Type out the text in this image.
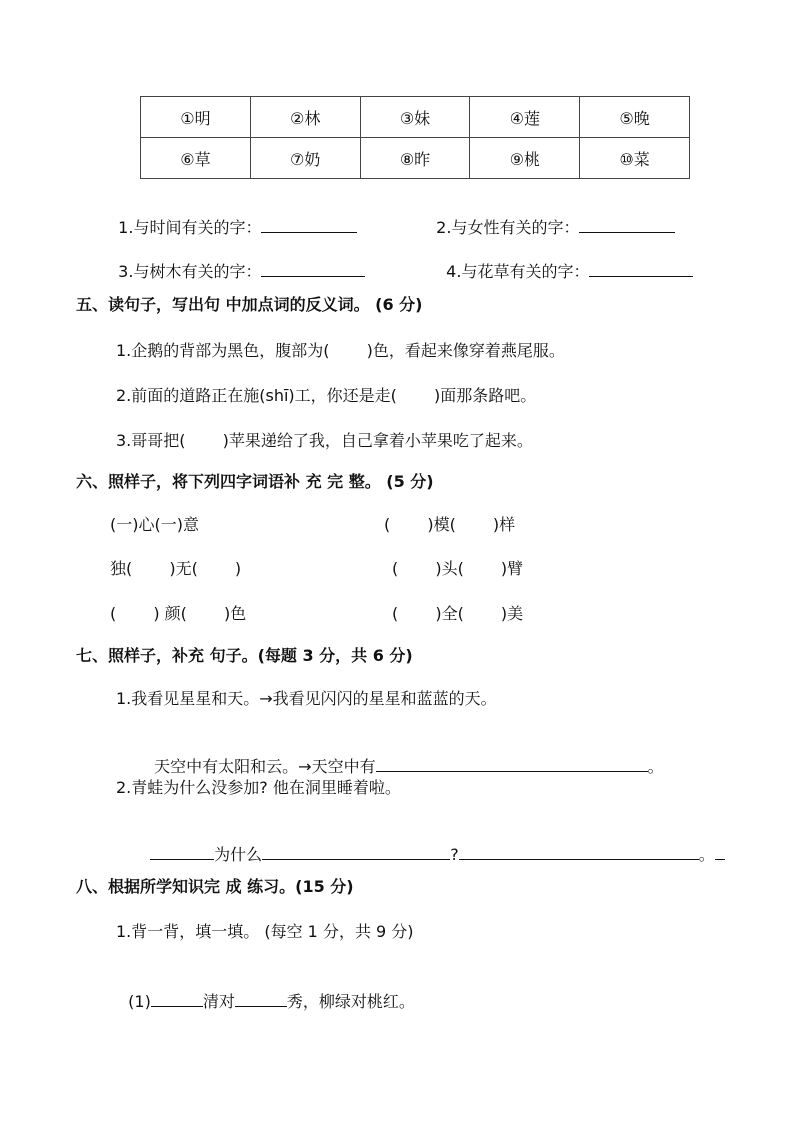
①明	②林	③妹	④莲	⑤晚
⑥草	⑦奶	⑧昨	⑨桃	⑩菜

1.与时间有关的字：	2.与女性有关的字：

3.与树木有关的字：	4.与花草有关的字：

五、读句子，写出句 中加点词的反义词。 (6 分)
1.企鹅的背部为黑色，腹部为(　　 )色，看起来像穿着燕尾服。
2.前面的道路正在施(shī)工，你还是走(　　 )面那条路吧。
3.哥哥把(　　 )苹果递给了我，自己拿着小苹果吃了起来。
六、照样子，将下列四字词语补 充 完 整。 (5 分)
(一)心(一)意	(　　 )模(　　 )样
独(　　 )无(　　 )	(　　 )头(　　 )臂
(　　 ) 颜(　　 )色	(　　 )全(　　 )美
七、照样子，补充 句子。(每题 3 分，共 6 分)
1.我看见星星和天。→我看见闪闪的星星和蓝蓝的天。

天空中有太阳和云。→天空中有	。

2.青蛙为什么没参加? 他在洞里睡着啦。

为什么	?	。

八、根据所学知识完 成 练习。(15 分)
1.背一背，填一填。 (每空 1 分，共 9 分)

(1)	清对	秀，柳绿对桃红。
